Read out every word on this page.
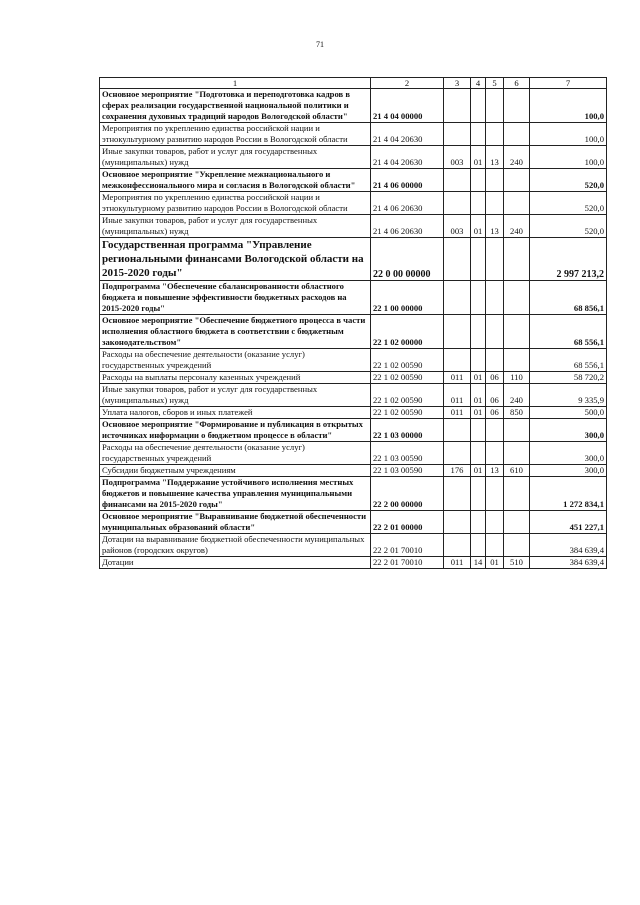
71
1	2	3	4	5	6	7
Основное мероприятие "Подготовка и переподготовка кадров в сферах реализации государственной национальной политики и сохранения духовных традиций народов Вологодской области"	21 4 04 00000					100,0
Мероприятия по укреплению единства российской нации и этнокультурному развитию народов России в Вологодской области	21 4 04 20630					100,0
Иные закупки товаров, работ и услуг для государственных (муниципальных) нужд	21 4 04 20630	003	01	13	240	100,0
Основное мероприятие "Укрепление межнационального и межконфессионального мира и согласия в Вологодской области"	21 4 06 00000					520,0
Мероприятия по укреплению единства российской нации и этнокультурному развитию народов России в Вологодской области	21 4 06 20630					520,0
Иные закупки товаров, работ и услуг для государственных (муниципальных) нужд	21 4 06 20630	003	01	13	240	520,0
Государственная программа "Управление региональными финансами Вологодской области на 2015-2020 годы"	22 0 00 00000					2 997 213,2
Подпрограмма "Обеспечение сбалансированности областного бюджета и повышение эффективности бюджетных расходов на 2015-2020 годы"	22 1 00 00000					68 856,1
Основное мероприятие "Обеспечение бюджетного процесса в части исполнения областного бюджета в соответствии с бюджетным законодательством"	22 1 02 00000					68 556,1
Расходы на обеспечение деятельности (оказание услуг) государственных учреждений	22 1 02 00590					68 556,1
Расходы на выплаты персоналу казенных учреждений	22 1 02 00590	011	01	06	110	58 720,2
Иные закупки товаров, работ и услуг для государственных (муниципальных) нужд	22 1 02 00590	011	01	06	240	9 335,9
Уплата налогов, сборов и иных платежей	22 1 02 00590	011	01	06	850	500,0
Основное мероприятие "Формирование и публикация в открытых источниках информации о бюджетном процессе в области"	22 1 03 00000					300,0
Расходы на обеспечение деятельности (оказание услуг) государственных учреждений	22 1 03 00590					300,0
Субсидии бюджетным учреждениям	22 1 03 00590	176	01	13	610	300,0
Подпрограмма "Поддержание устойчивого исполнения местных бюджетов и повышение качества управления муниципальными финансами на 2015-2020 годы"	22 2 00 00000					1 272 834,1
Основное мероприятие "Выравнивание бюджетной обеспеченности муниципальных образований области"	22 2 01 00000					451 227,1
Дотации на выравнивание бюджетной обеспеченности муниципальных районов (городских округов)	22 2 01 70010					384 639,4
Дотации	22 2 01 70010	011	14	01	510	384 639,4
